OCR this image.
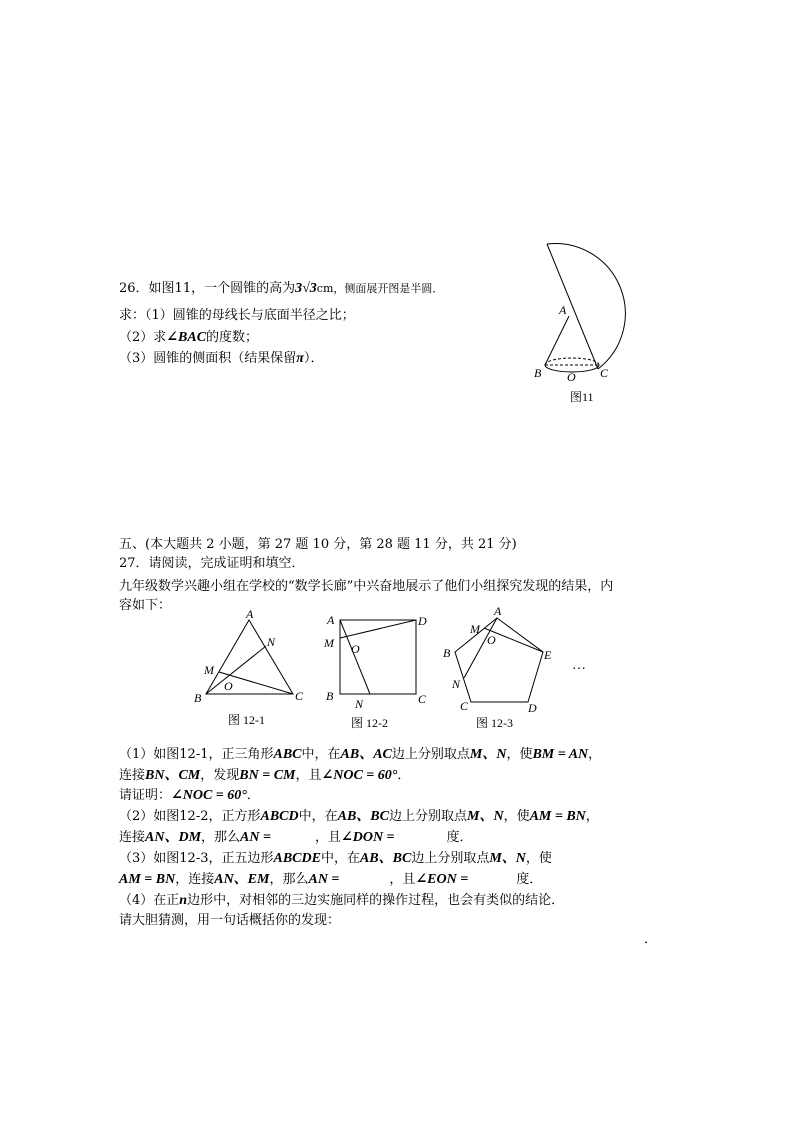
26．如图11，一个圆锥的高为3√3cm，侧面展开图是半圆．
求：（1）圆锥的母线长与底面半径之比；
（2）求∠BAC的度数；
（3）圆锥的侧面积（结果保留π）．
A
B O C
图11
五、(本大题共 2 小题，第 27 题 10 分，第 28 题 11 分，共 21 分)
27．请阅读，完成证明和填空．
九年级数学兴趣小组在学校的“数学长廊”中兴奋地展示了他们小组探究发现的结果，内
容如下：
A
N
M
O
B	C
图 12-1
A	D
M O
B
N	C
图 12-2
A
M
O
B	E
N
C	D
图 12-3
…
（1）如图12-1，正三角形ABC中，在AB、AC边上分别取点M、N，使BM = AN，
连接BN、CM，发现BN = CM，且∠NOC = 60°．
请证明：∠NOC = 60°．
（2）如图12-2，正方形ABCD中，在AB、BC边上分别取点M、N，使AM = BN，
连接AN、DM，那么AN =	，且∠DON =	度．
（3）如图12-3，正五边形ABCDE中，在AB、BC边上分别取点M、N，使
AM = BN，连接AN、EM，那么AN =	，且∠EON =	度．
（4）在正n边形中，对相邻的三边实施同样的操作过程，也会有类似的结论．
请大胆猜测，用一句话概括你的发现：
．
